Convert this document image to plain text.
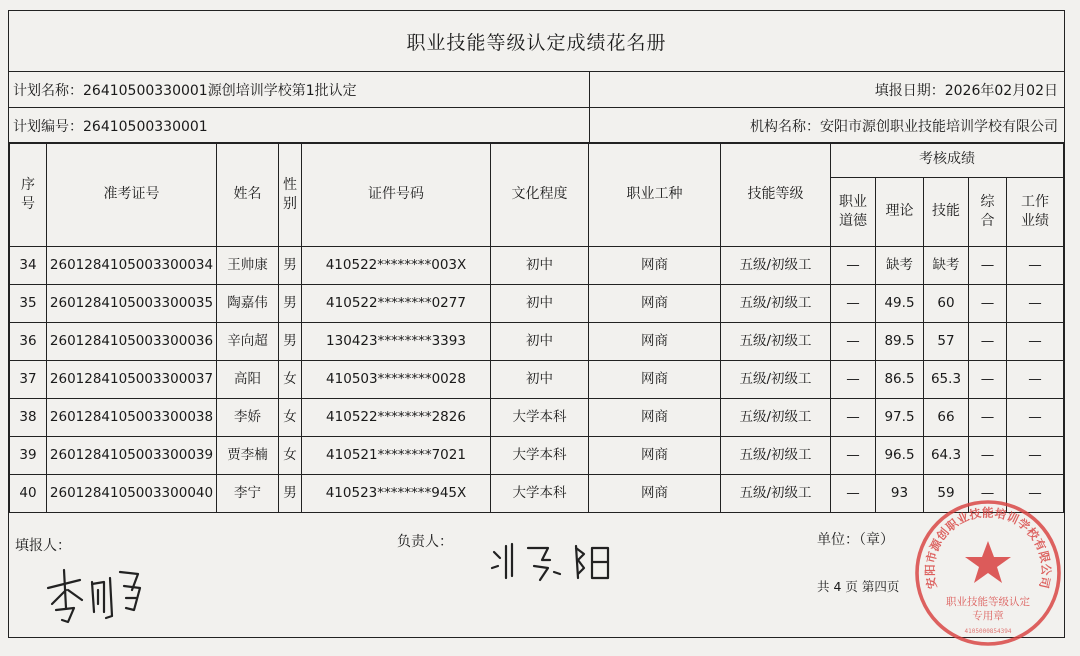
职业技能等级认定成绩花名册
计划名称：26410500330001源创培训学校第1批认定	填报日期：2026年02月02日
计划编号：26410500330001	机构名称：安阳市源创职业技能培训学校有限公司
序号	准考证号	姓名	性别	证件号码	文化程度	职业工种	技能等级	考核成绩				
								职业道德	理论	技能	综合	工作业绩
34	2601284105003300034	王帅康	男	410522********003X	初中	网商	五级/初级工	—	缺考	缺考	—	—
35	2601284105003300035	陶嘉伟	男	410522********0277	初中	网商	五级/初级工	—	49.5	60	—	—
36	2601284105003300036	辛向超	男	130423********3393	初中	网商	五级/初级工	—	89.5	57	—	—
37	2601284105003300037	高阳	女	410503********0028	初中	网商	五级/初级工	—	86.5	65.3	—	—
38	2601284105003300038	李娇	女	410522********2826	大学本科	网商	五级/初级工	—	97.5	66	—	—
39	2601284105003300039	贾李楠	女	410521********7021	大学本科	网商	五级/初级工	—	96.5	64.3	—	—
40	2601284105003300040	李宁	男	410523********945X	大学本科	网商	五级/初级工	—	93	59	—	—
填报人：	负责人：	单位：（章）
共 4 页 第四页 安阳市源创职业技能培训学校有限公司
职业技能等级认定
专用章
4105000854394
